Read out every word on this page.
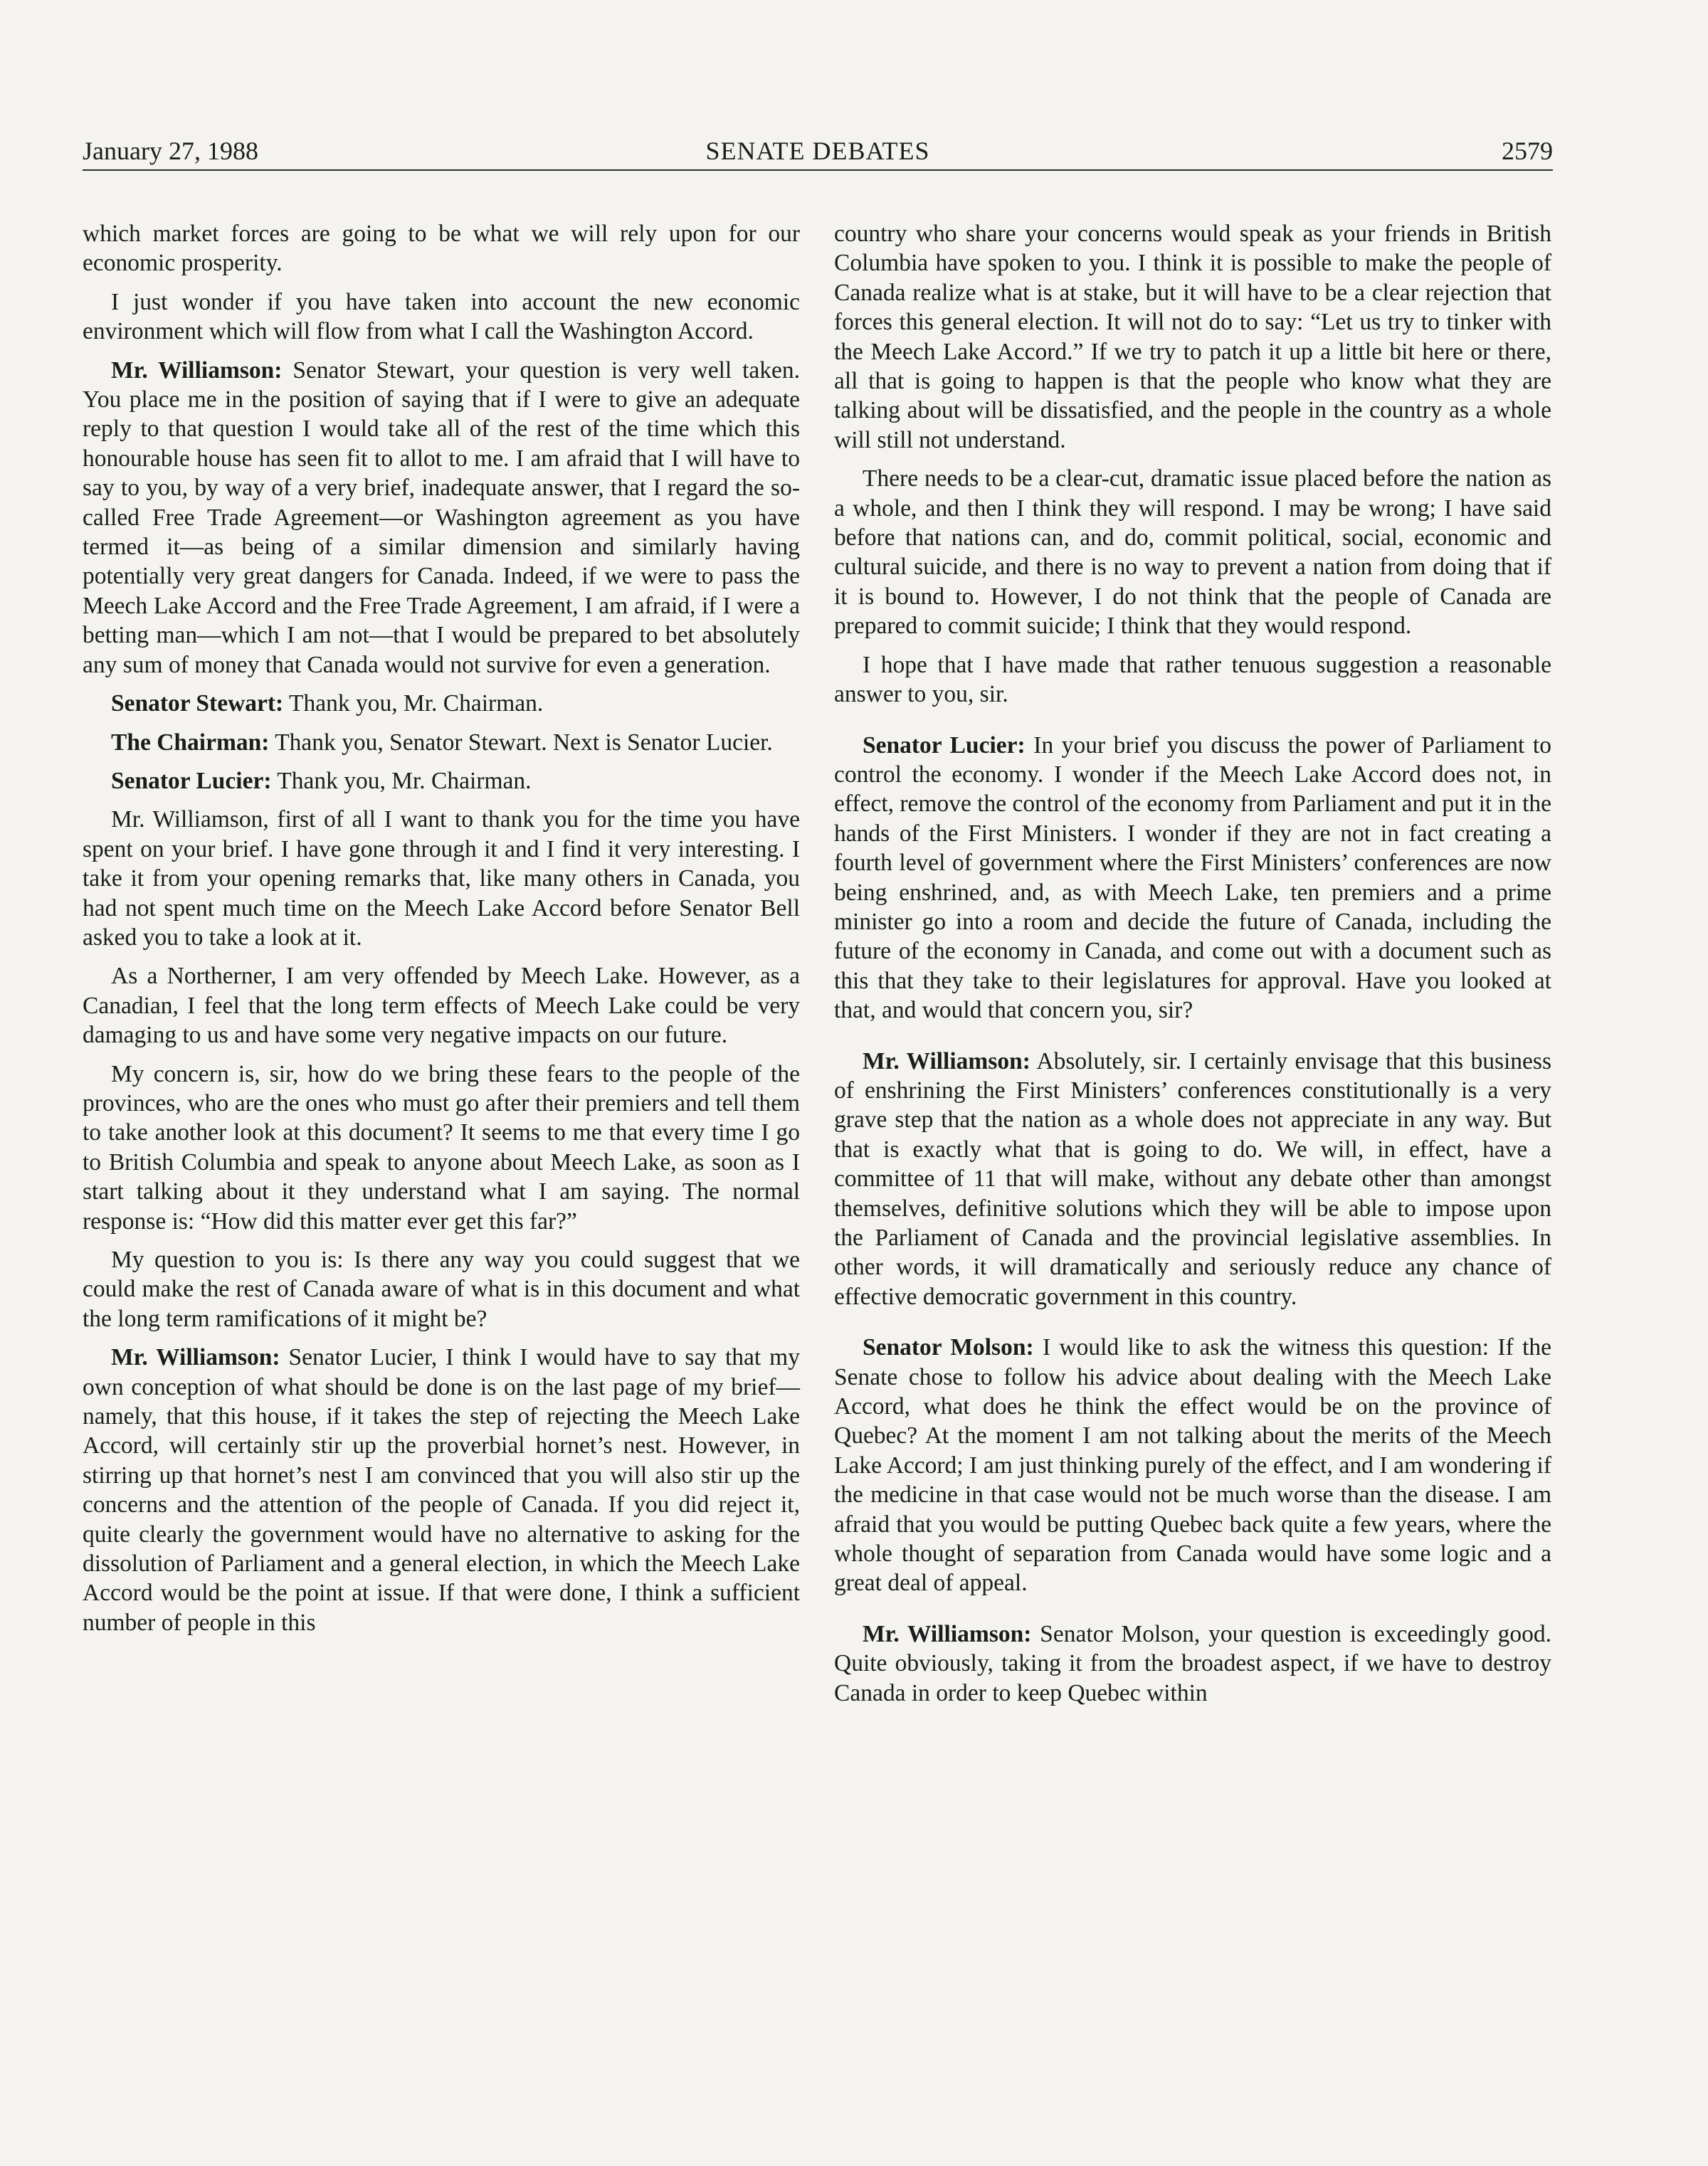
January 27, 1988	SENATE DEBATES	2579

which market forces are going to be what we will rely upon for our economic prosperity.

I just wonder if you have taken into account the new economic environment which will flow from what I call the Washington Accord.

Mr. Williamson: Senator Stewart, your question is very well taken. You place me in the position of saying that if I were to give an adequate reply to that question I would take all of the rest of the time which this honourable house has seen fit to allot to me. I am afraid that I will have to say to you, by way of a very brief, inadequate answer, that I regard the so-called Free Trade Agreement—or Washington agreement as you have termed it—as being of a similar dimension and similarly having potentially very great dangers for Canada. Indeed, if we were to pass the Meech Lake Accord and the Free Trade Agreement, I am afraid, if I were a betting man—which I am not—that I would be prepared to bet absolutely any sum of money that Canada would not survive for even a generation.

Senator Stewart: Thank you, Mr. Chairman.

The Chairman: Thank you, Senator Stewart. Next is Senator Lucier.

Senator Lucier: Thank you, Mr. Chairman.

Mr. Williamson, first of all I want to thank you for the time you have spent on your brief. I have gone through it and I find it very interesting. I take it from your opening remarks that, like many others in Canada, you had not spent much time on the Meech Lake Accord before Senator Bell asked you to take a look at it.

As a Northerner, I am very offended by Meech Lake. However, as a Canadian, I feel that the long term effects of Meech Lake could be very damaging to us and have some very negative impacts on our future.

My concern is, sir, how do we bring these fears to the people of the provinces, who are the ones who must go after their premiers and tell them to take another look at this document? It seems to me that every time I go to British Columbia and speak to anyone about Meech Lake, as soon as I start talking about it they understand what I am saying. The normal response is: “How did this matter ever get this far?”

My question to you is: Is there any way you could suggest that we could make the rest of Canada aware of what is in this document and what the long term ramifications of it might be?

Mr. Williamson: Senator Lucier, I think I would have to say that my own conception of what should be done is on the last page of my brief—namely, that this house, if it takes the step of rejecting the Meech Lake Accord, will certainly stir up the proverbial hornet’s nest. However, in stirring up that hornet’s nest I am convinced that you will also stir up the concerns and the attention of the people of Canada. If you did reject it, quite clearly the government would have no alternative to asking for the dissolution of Parliament and a general election, in which the Meech Lake Accord would be the point at issue. If that were done, I think a sufficient number of people in this

country who share your concerns would speak as your friends in British Columbia have spoken to you. I think it is possible to make the people of Canada realize what is at stake, but it will have to be a clear rejection that forces this general election. It will not do to say: “Let us try to tinker with the Meech Lake Accord.” If we try to patch it up a little bit here or there, all that is going to happen is that the people who know what they are talking about will be dissatisfied, and the people in the country as a whole will still not understand.

There needs to be a clear-cut, dramatic issue placed before the nation as a whole, and then I think they will respond. I may be wrong; I have said before that nations can, and do, commit political, social, economic and cultural suicide, and there is no way to prevent a nation from doing that if it is bound to. However, I do not think that the people of Canada are prepared to commit suicide; I think that they would respond.

I hope that I have made that rather tenuous suggestion a reasonable answer to you, sir.

Senator Lucier: In your brief you discuss the power of Parliament to control the economy. I wonder if the Meech Lake Accord does not, in effect, remove the control of the economy from Parliament and put it in the hands of the First Ministers. I wonder if they are not in fact creating a fourth level of government where the First Ministers’ conferences are now being enshrined, and, as with Meech Lake, ten premiers and a prime minister go into a room and decide the future of Canada, including the future of the economy in Canada, and come out with a document such as this that they take to their legislatures for approval. Have you looked at that, and would that concern you, sir?

Mr. Williamson: Absolutely, sir. I certainly envisage that this business of enshrining the First Ministers’ conferences constitutionally is a very grave step that the nation as a whole does not appreciate in any way. But that is exactly what that is going to do. We will, in effect, have a committee of 11 that will make, without any debate other than amongst themselves, definitive solutions which they will be able to impose upon the Parliament of Canada and the provincial legislative assemblies. In other words, it will dramatically and seriously reduce any chance of effective democratic government in this country.

Senator Molson: I would like to ask the witness this question: If the Senate chose to follow his advice about dealing with the Meech Lake Accord, what does he think the effect would be on the province of Quebec? At the moment I am not talking about the merits of the Meech Lake Accord; I am just thinking purely of the effect, and I am wondering if the medicine in that case would not be much worse than the disease. I am afraid that you would be putting Quebec back quite a few years, where the whole thought of separation from Canada would have some logic and a great deal of appeal.

Mr. Williamson: Senator Molson, your question is exceedingly good. Quite obviously, taking it from the broadest aspect, if we have to destroy Canada in order to keep Quebec within
